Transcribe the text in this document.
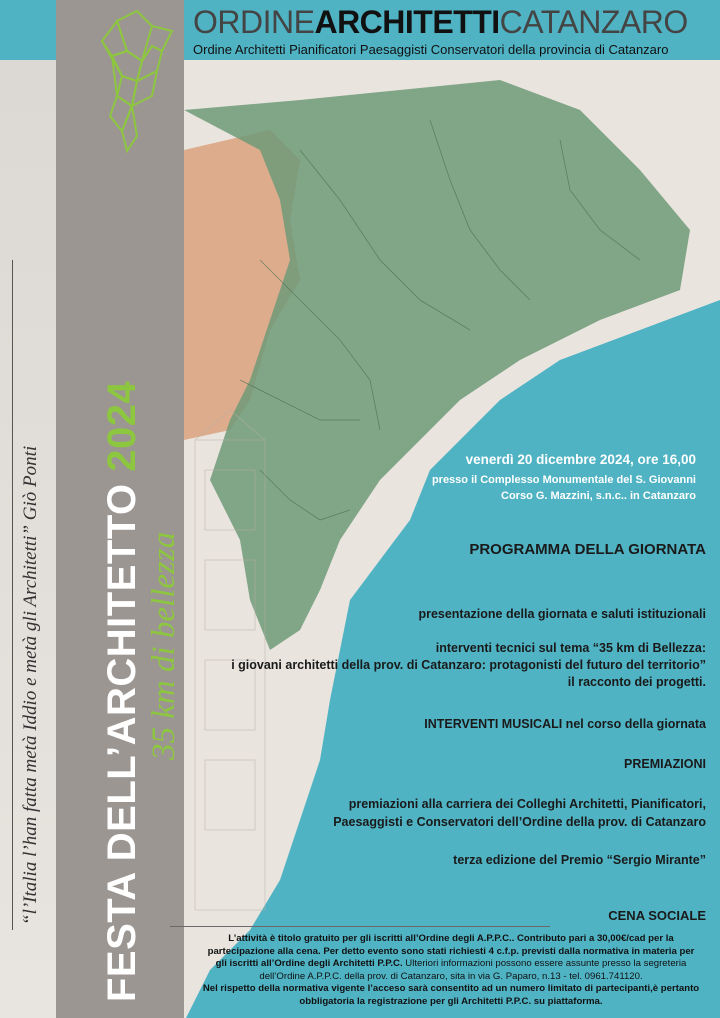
FESTA DELL’ARCHITETTO 2024
35 km di bellezza
“l’Italia l’han fatta metà Iddio e metà gli Architetti” Giò Ponti
ORDINEARCHITETTICATANZARO
Ordine Architetti Pianificatori Paesaggisti Conservatori della provincia di Catanzaro
venerdì 20 dicembre 2024, ore 16,00
presso il Complesso Monumentale del S. Giovanni
Corso G. Mazzini, s.n.c.. in Catanzaro
PROGRAMMA DELLA GIORNATA
presentazione della giornata e saluti istituzionali
interventi tecnici sul tema “35 km di Bellezza:
i giovani architetti della prov. di Catanzaro: protagonisti del futuro del territorio”
il racconto dei progetti.
INTERVENTI MUSICALI nel corso della giornata
PREMIAZIONI
premiazioni alla carriera dei Colleghi Architetti, Pianificatori,
Paesaggisti e Conservatori dell’Ordine della prov. di Catanzaro
terza edizione del Premio “Sergio Mirante”
CENA SOCIALE
L’attività è titolo gratuito per gli iscritti all’Ordine degli A.P.P.C.. Contributo pari a 30,00€/cad per la
partecipazione alla cena. Per detto evento sono stati richiesti 4 c.f.p. previsti dalla normativa in materia per
gli iscritti all’Ordine degli Architetti P.P.C. Ulteriori informazioni possono essere assunte presso la segreteria
dell’Ordine A.P.P.C. della prov. di Catanzaro, sita in via G. Paparo, n.13 - tel. 0961.741120.
Nel rispetto della normativa vigente l’acceso sarà consentito ad un numero limitato di partecipanti,è pertanto
obbligatoria la registrazione per gli Architetti P.P.C. su piattaforma.
